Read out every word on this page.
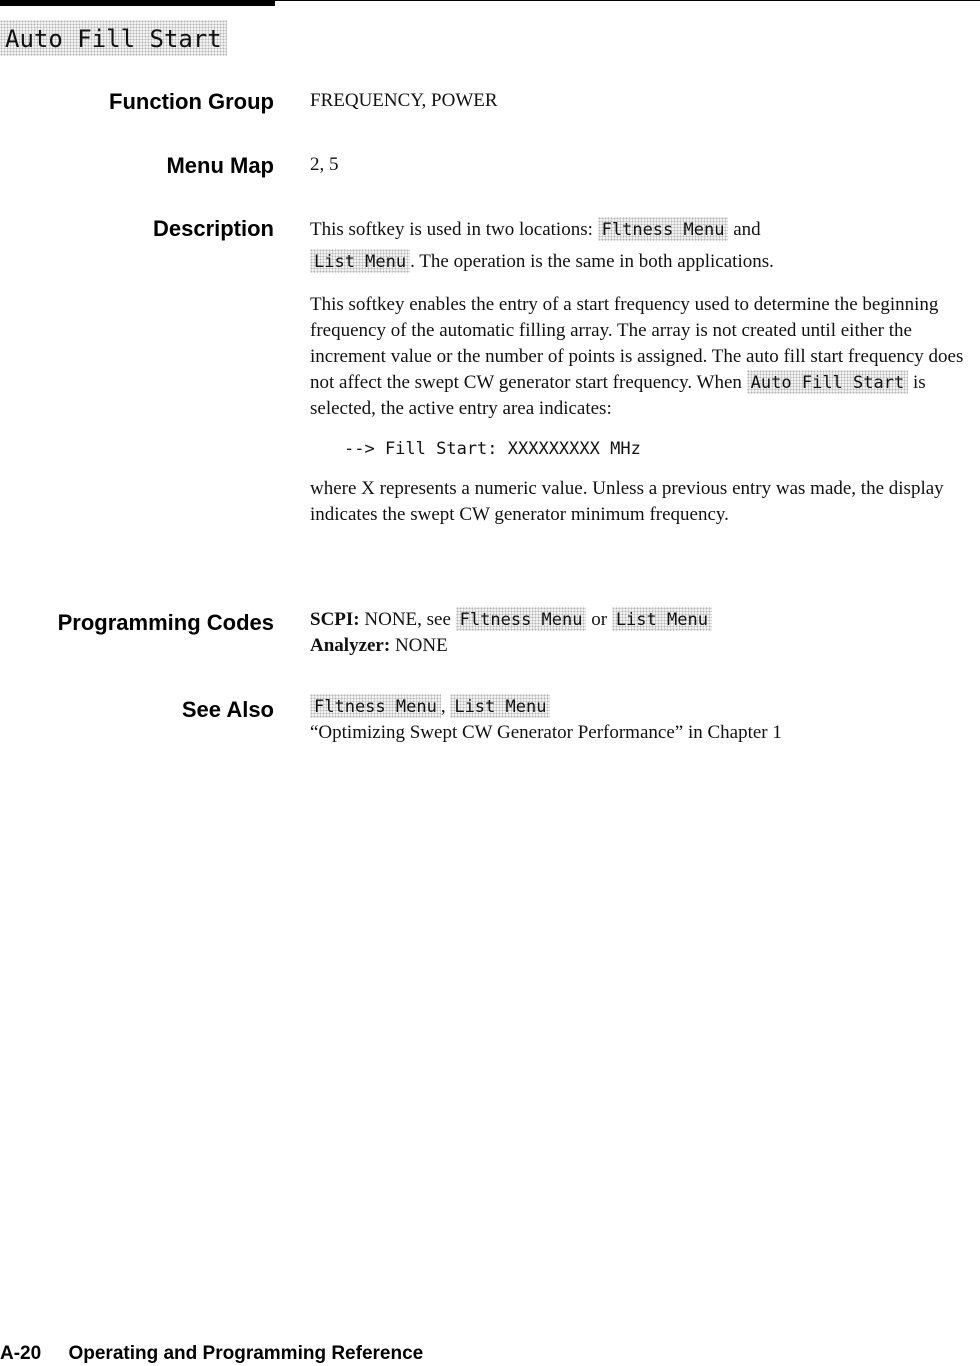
Auto Fill Start
Function Group FREQUENCY, POWER
Menu Map 2, 5
Description This softkey is used in two locations: Fltness Menu and
List Menu . The operation is the same in both applications.

This softkey enables the entry of a start frequency used to determine the beginning frequency of the automatic filling array. The array is not created until either the increment value or the number of points is assigned. The auto fill start frequency does not affect the swept CW generator start frequency. When Auto Fill Start is selected, the active entry area indicates:

--> Fill Start: XXXXXXXXX MHz

where X represents a numeric value. Unless a previous entry was made, the display indicates the swept CW generator minimum frequency.

Programming Codes SCPI: NONE, see Fltness Menu or List Menu
Analyzer: NONE
See Also Fltness Menu , List Menu
“Optimizing Swept CW Generator Performance” in Chapter 1
A-20 Operating and Programming Reference
